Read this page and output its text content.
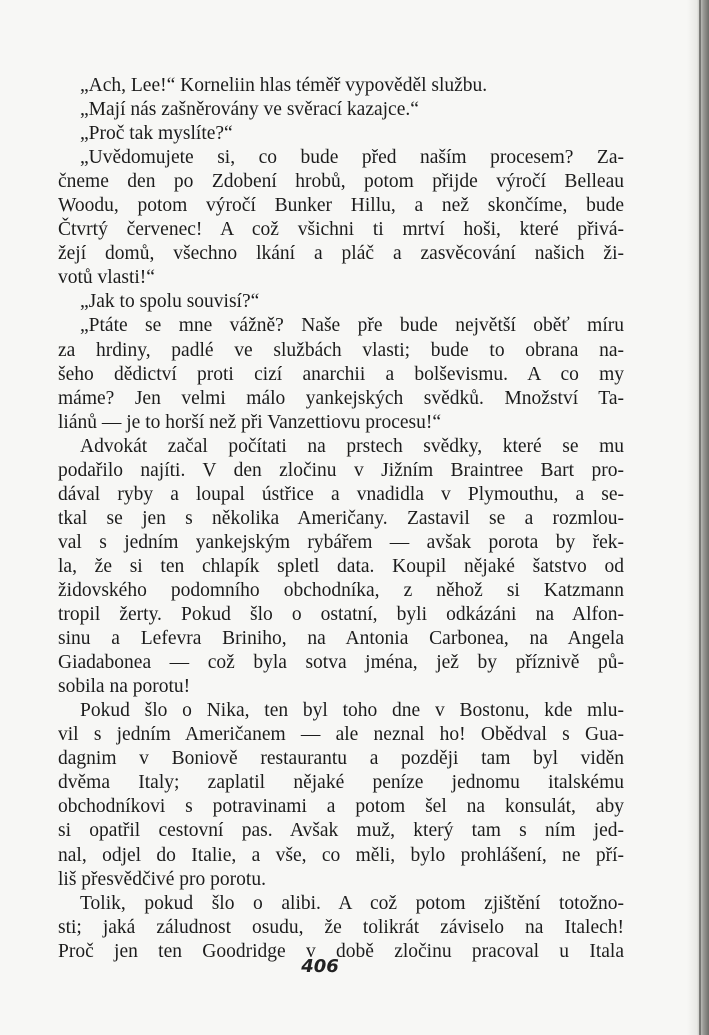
„Ach, Lee!“ Korneliin hlas téměř vypověděl službu.
„Mají nás zašněrovány ve svěrací kazajce.“
„Proč tak myslíte?“
„Uvědomujete si, co bude před naším procesem? Za-
čneme den po Zdobení hrobů, potom přijde výročí Belleau
Woodu, potom výročí Bunker Hillu, a než skončíme, bude
Čtvrtý červenec! A což všichni ti mrtví hoši, které přivá-
žejí domů, všechno lkání a pláč a zasvěcování našich ži-
votů vlasti!“
„Jak to spolu souvisí?“
„Ptáte se mne vážně? Naše pře bude největší oběť míru
za hrdiny, padlé ve službách vlasti; bude to obrana na-
šeho dědictví proti cizí anarchii a bolševismu. A co my
máme? Jen velmi málo yankejských svědků. Množství Ta-
liánů — je to horší než při Vanzettiovu procesu!“
Advokát začal počítati na prstech svědky, které se mu
podařilo najíti. V den zločinu v Jižním Braintree Bart pro-
dával ryby a loupal ústřice a vnadidla v Plymouthu, a se-
tkal se jen s několika Američany. Zastavil se a rozmlou-
val s jedním yankejským rybářem — avšak porota by řek-
la, že si ten chlapík spletl data. Koupil nějaké šatstvo od
židovského podomního obchodníka, z něhož si Katzmann
tropil žerty. Pokud šlo o ostatní, byli odkázáni na Alfon-
sinu a Lefevra Briniho, na Antonia Carbonea, na Angela
Giadabonea — což byla sotva jména, jež by příznivě pů-
sobila na porotu!
Pokud šlo o Nika, ten byl toho dne v Bostonu, kde mlu-
vil s jedním Američanem — ale neznal ho! Obědval s Gua-
dagnim v Boniově restaurantu a později tam byl viděn
dvěma Italy; zaplatil nějaké peníze jednomu italskému
obchodníkovi s potravinami a potom šel na konsulát, aby
si opatřil cestovní pas. Avšak muž, který tam s ním jed-
nal, odjel do Italie, a vše, co měli, bylo prohlášení, ne pří-
liš přesvědčivé pro porotu.
Tolik, pokud šlo o alibi. A což potom zjištění totožno-
sti; jaká záludnost osudu, že tolikrát záviselo na Italech!
Proč jen ten Goodridge v době zločinu pracoval u Itala
406
